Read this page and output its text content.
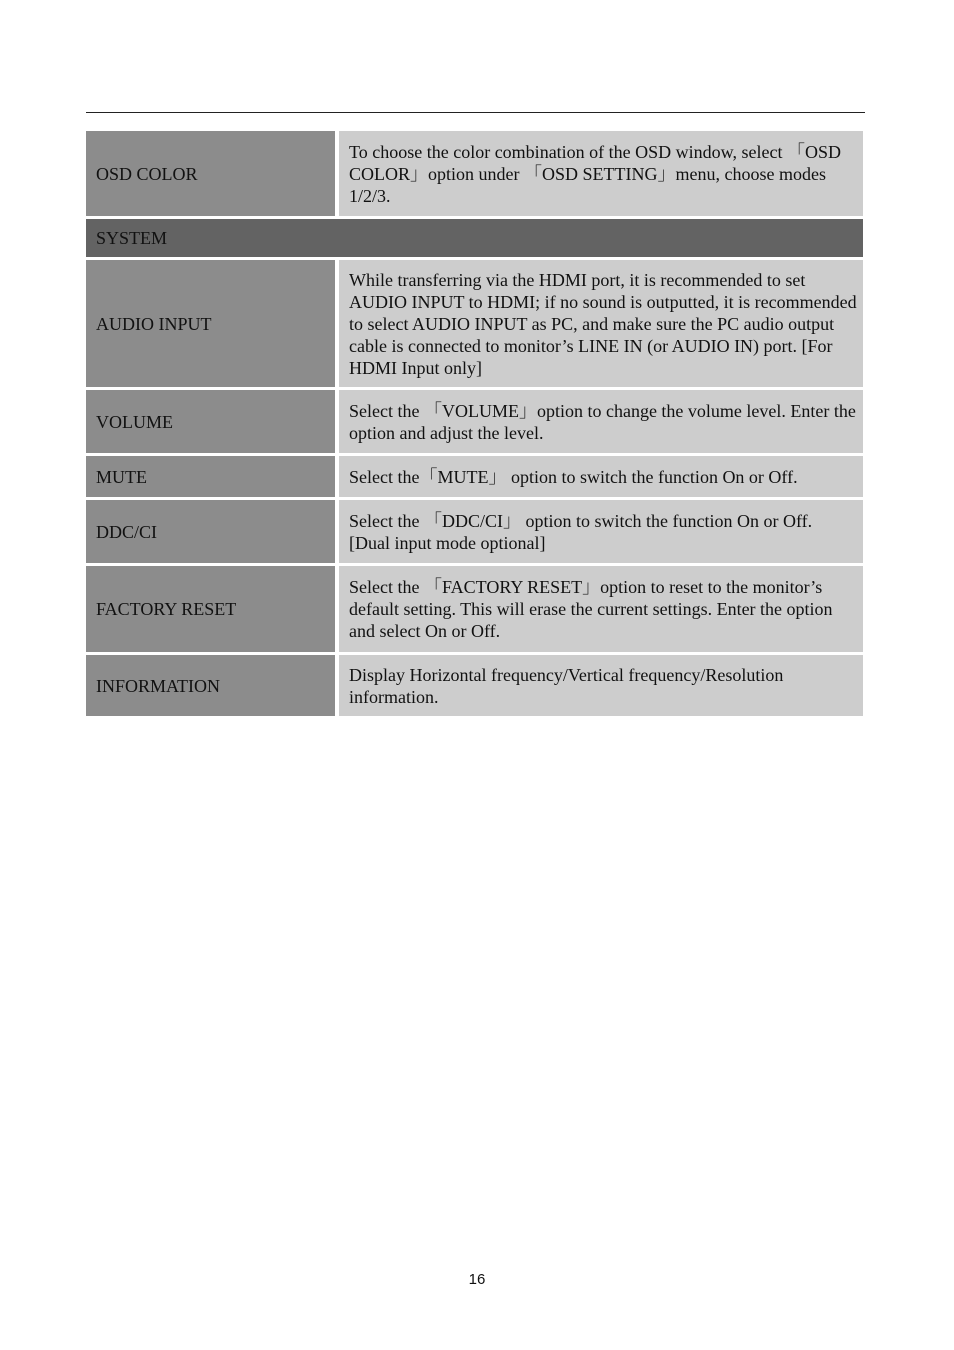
OSD COLOR
To choose the color combination of the OSD window, select 「OSD COLOR」option under 「OSD SETTING」menu, choose modes 1/2/3.
SYSTEM
AUDIO INPUT
While transferring via the HDMI port, it is recommended to set AUDIO INPUT to HDMI; if no sound is outputted, it is recommended to select AUDIO INPUT as PC, and make sure the PC audio output cable is connected to monitor’s LINE IN (or AUDIO IN) port. [For HDMI Input only]
VOLUME
Select the 「VOLUME」option to change the volume level. Enter the option and adjust the level.
MUTE	Select the「MUTE」 option to switch the function On or Off.
DDC/CI
Select the 「DDC/CI」 option to switch the function On or Off. [Dual input mode optional]
FACTORY RESET
Select the 「FACTORY RESET」option to reset to the monitor’s default setting. This will erase the current settings. Enter the option and select On or Off.
INFORMATION
Display Horizontal frequency/Vertical frequency/Resolution information.
16
